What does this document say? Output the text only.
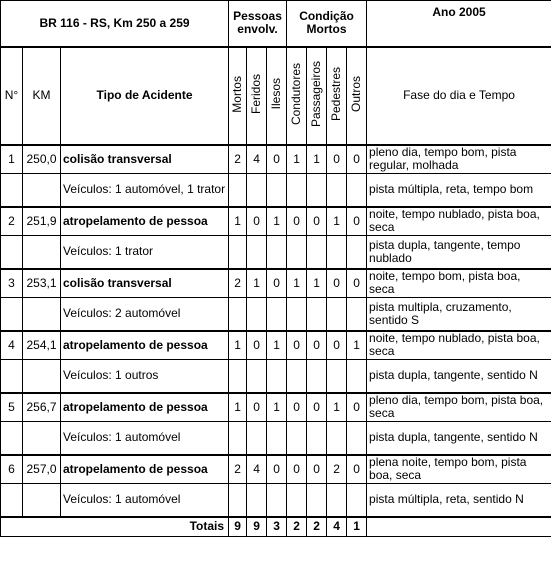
BR 116 - RS, Km 250 a 259			Pessoas envolv.			Condição Mortos				Ano 2005
N°	KM	Tipo de Acidente	Mortos	Feridos	Ilesos	Condutores	Passageiros	Pedestres	Outros	Fase do dia e Tempo
1	250,0	colisão transversal	2	4	0	1	1	0	0	pleno dia, tempo bom, pista regular, molhada
		Veículos: 1 automóvel, 1 trator								pista múltipla, reta, tempo bom
2	251,9	atropelamento de pessoa	1	0	1	0	0	1	0	noite, tempo nublado, pista boa, seca
		Veículos: 1 trator								pista dupla, tangente, tempo nublado
3	253,1	colisão transversal	2	1	0	1	1	0	0	noite, tempo bom, pista boa, seca
		Veículos: 2 automóvel								pista multipla, cruzamento, sentido S
4	254,1	atropelamento de pessoa	1	0	1	0	0	0	1	noite, tempo nublado, pista boa, seca
		Veículos: 1 outros								pista dupla, tangente, sentido N
5	256,7	atropelamento de pessoa	1	0	1	0	0	1	0	pleno dia, tempo bom, pista boa, seca
		Veículos: 1 automóvel								pista dupla, tangente, sentido N
6	257,0	atropelamento de pessoa	2	4	0	0	0	2	0	plena noite, tempo bom, pista boa, seca
		Veículos: 1 automóvel								pista múltipla, reta, sentido N
Totais			9	9	3	2	2	4	1	
